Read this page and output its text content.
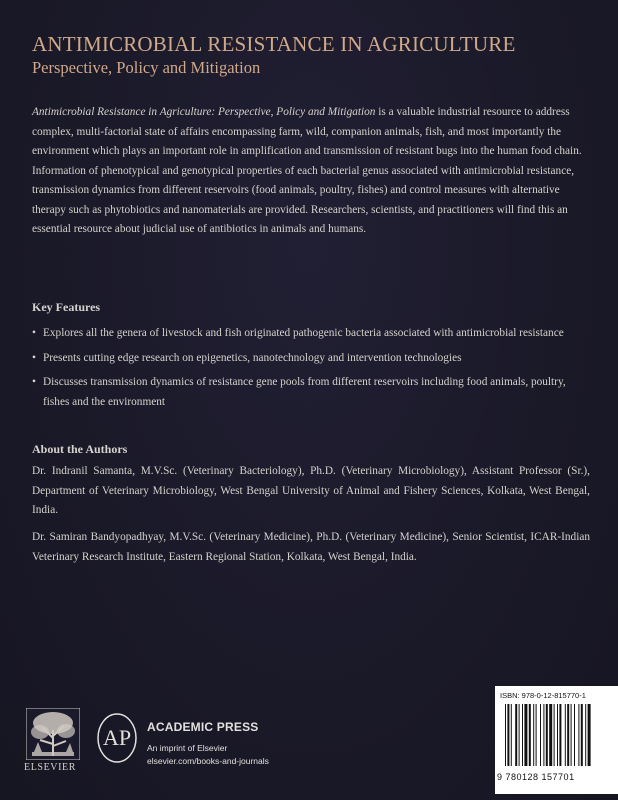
ANTIMICROBIAL RESISTANCE IN AGRICULTURE
Perspective, Policy and Mitigation
Antimicrobial Resistance in Agriculture: Perspective, Policy and Mitigation is a valuable industrial resource to address complex, multi-factorial state of affairs encompassing farm, wild, companion animals, fish, and most importantly the environment which plays an important role in amplification and transmission of resistant bugs into the human food chain. Information of phenotypical and genotypical properties of each bacterial genus associated with antimicrobial resistance, transmission dynamics from different reservoirs (food animals, poultry, fishes) and control measures with alternative therapy such as phytobiotics and nanomaterials are provided. Researchers, scientists, and practitioners will find this an essential resource about judicial use of antibiotics in animals and humans.
Key Features
• Explores all the genera of livestock and fish originated pathogenic bacteria associated with antimicrobial resistance
• Presents cutting edge research on epigenetics, nanotechnology and intervention technologies
• Discusses transmission dynamics of resistance gene pools from different reservoirs including food animals, poultry, fishes and the environment
About the Authors
Dr. Indranil Samanta, M.V.Sc. (Veterinary Bacteriology), Ph.D. (Veterinary Microbiology), Assistant Professor (Sr.), Department of Veterinary Microbiology, West Bengal University of Animal and Fishery Sciences, Kolkata, West Bengal, India.
Dr. Samiran Bandyopadhyay, M.V.Sc. (Veterinary Medicine), Ph.D. (Veterinary Medicine), Senior Scientist, ICAR-Indian Veterinary Research Institute, Eastern Regional Station, Kolkata, West Bengal, India.
ELSEVIER
AP ACADEMIC PRESS
An imprint of Elsevier
elsevier.com/books-and-journals
ISBN: 978-0-12-815770-1
9 780128 157701
